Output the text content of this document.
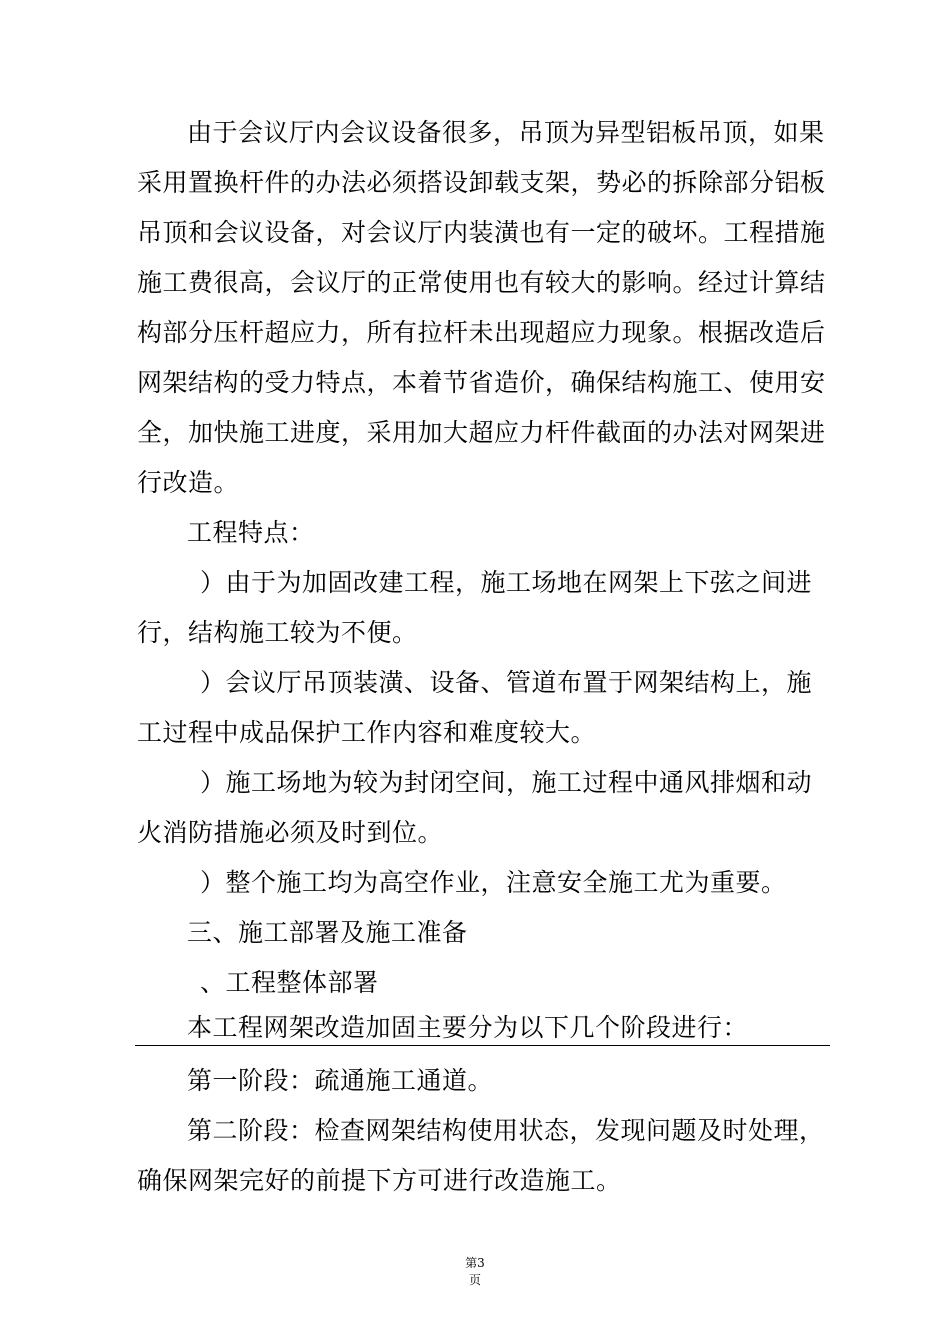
由于会议厅内会议设备很多，吊顶为异型铝板吊顶，如果
采用置换杆件的办法必须搭设卸载支架，势必的拆除部分铝板
吊顶和会议设备，对会议厅内装潢也有一定的破坏。工程措施
施工费很高，会议厅的正常使用也有较大的影响。经过计算结
构部分压杆超应力，所有拉杆未出现超应力现象。根据改造后
网架结构的受力特点，本着节省造价，确保结构施工、使用安
全，加快施工进度，采用加大超应力杆件截面的办法对网架进
行改造。
工程特点：
）由于为加固改建工程，施工场地在网架上下弦之间进
行，结构施工较为不便。
）会议厅吊顶装潢、设备、管道布置于网架结构上，施
工过程中成品保护工作内容和难度较大。
）施工场地为较为封闭空间，施工过程中通风排烟和动
火消防措施必须及时到位。
）整个施工均为高空作业，注意安全施工尤为重要。
三、施工部署及施工准备
、工程整体部署
本工程网架改造加固主要分为以下几个阶段进行：
第一阶段：疏通施工通道。
第二阶段：检查网架结构使用状态，发现问题及时处理，
确保网架完好的前提下方可进行改造施工。
第3
页
